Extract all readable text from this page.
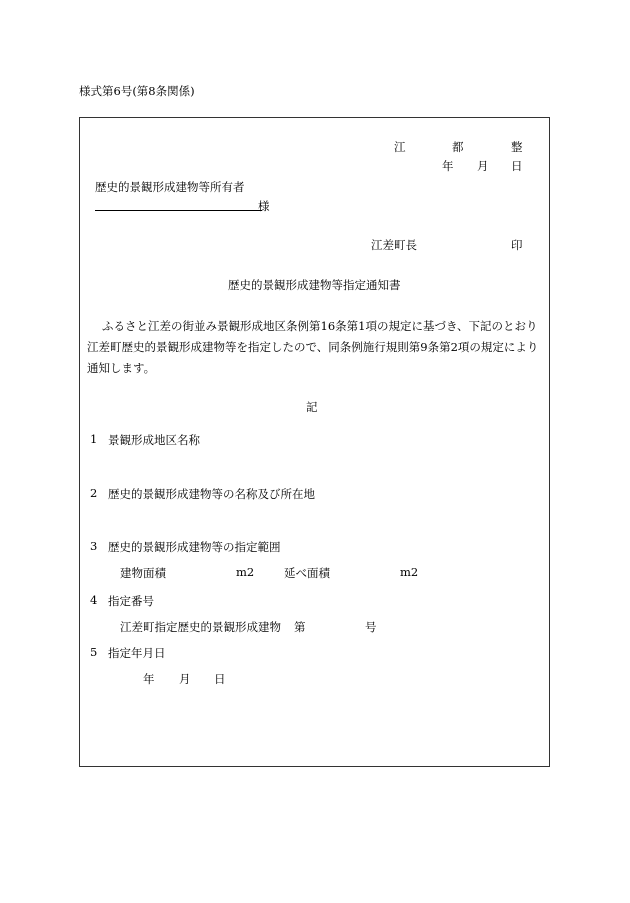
様式第6号(第8条関係)
江	都	整
年 月 日
歴史的景観形成建物等所有者
様
江差町長	印
歴史的景観形成建物等指定通知書
ふるさと江差の街並み景観形成地区条例第16条第1項の規定に基づき、下記のとおり
江差町歴史的景観形成建物等を指定したので、同条例施行規則第9条第2項の規定により
通知します。
記
1 景観形成地区名称
2 歴史的景観形成建物等の名称及び所在地
3 歴史的景観形成建物等の指定範囲
建物面積	m2	延べ面積	m2
4 指定番号
江差町指定歴史的景観形成建物 第	号
5 指定年月日
年 月 日
